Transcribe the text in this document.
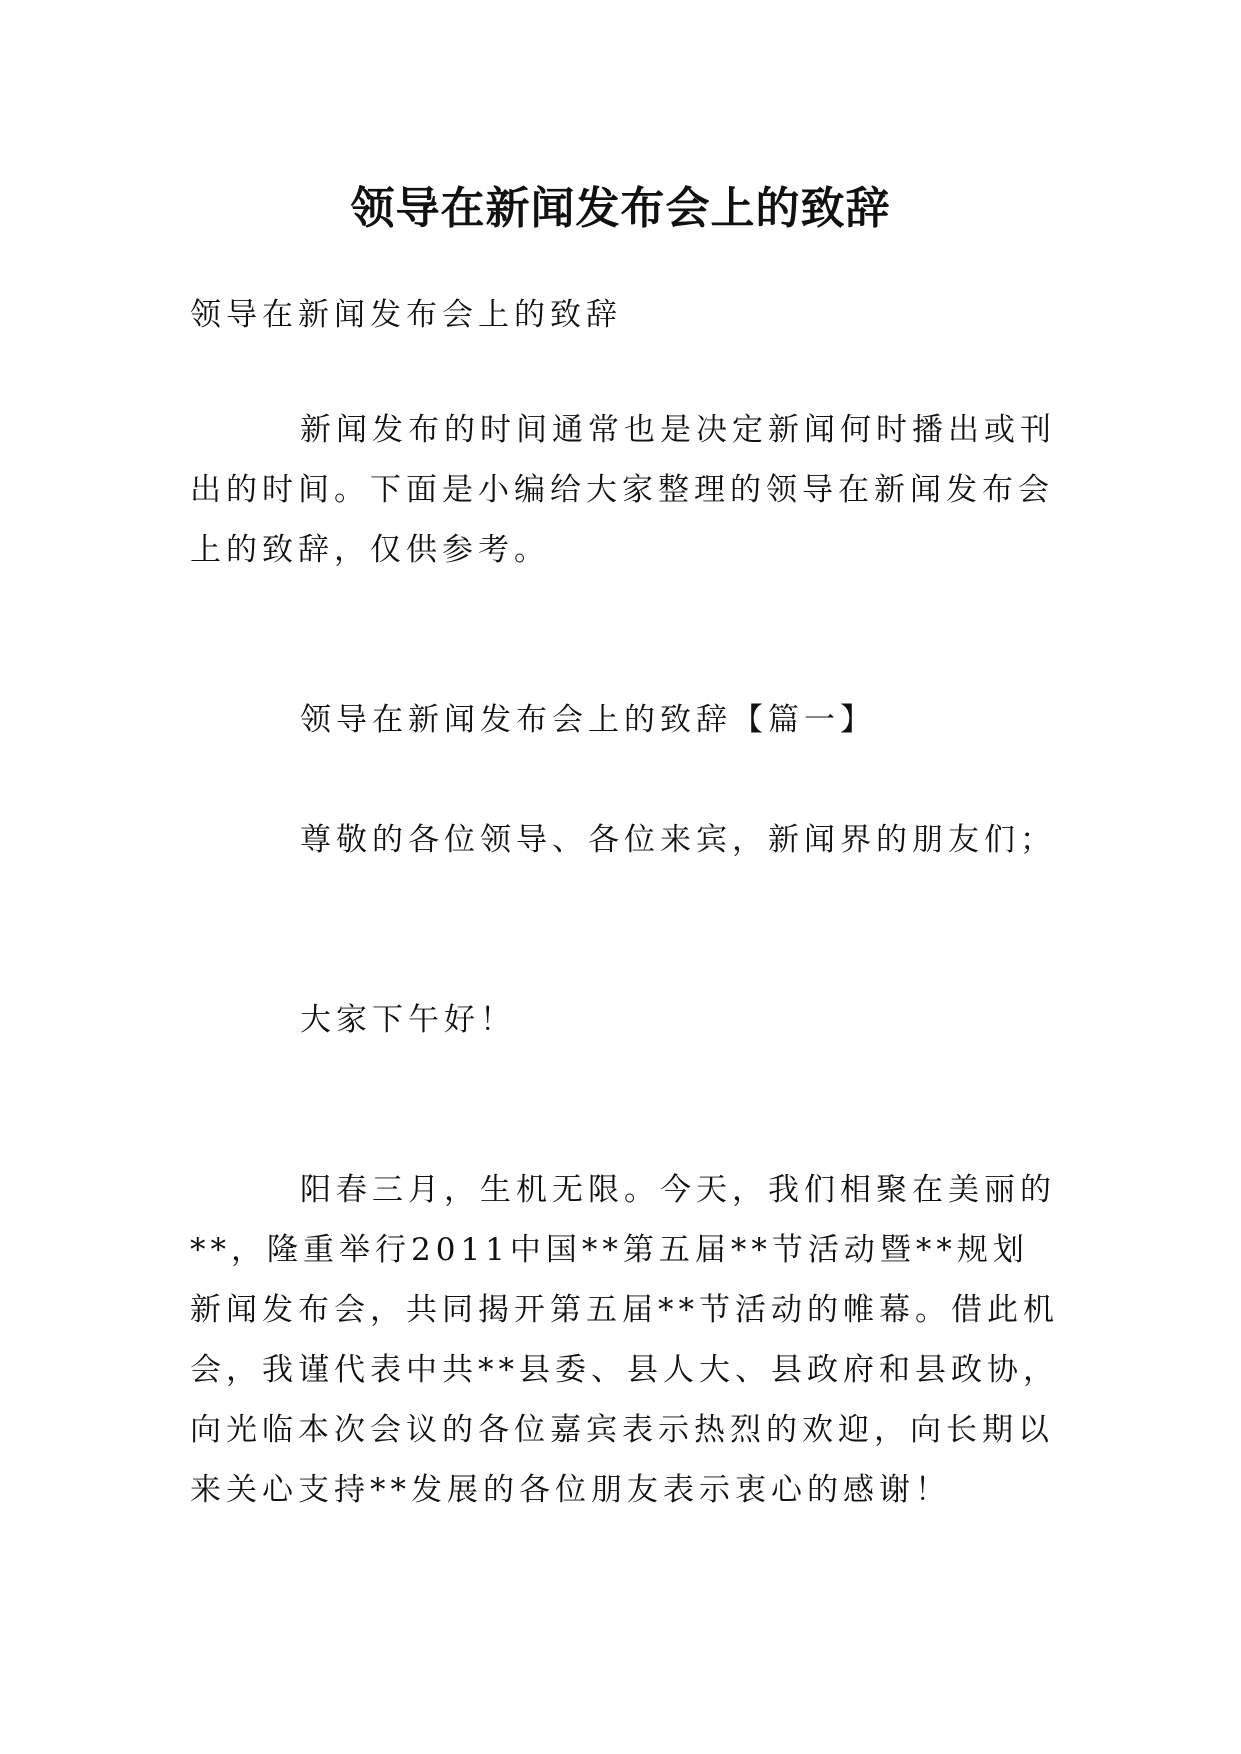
领导在新闻发布会上的致辞

领导在新闻发布会上的致辞

新闻发布的时间通常也是决定新闻何时播出或刊出的时间。下面是小编给大家整理的领导在新闻发布会上的致辞，仅供参考。

领导在新闻发布会上的致辞【篇一】

尊敬的各位领导、各位来宾，新闻界的朋友们；

大家下午好！

阳春三月，生机无限。今天，我们相聚在美丽的**，隆重举行2011中国**第五届**节活动暨**规划新闻发布会，共同揭开第五届**节活动的帷幕。借此机会，我谨代表中共**县委、县人大、县政府和县政协，向光临本次会议的各位嘉宾表示热烈的欢迎，向长期以来关心支持**发展的各位朋友表示衷心的感谢！
